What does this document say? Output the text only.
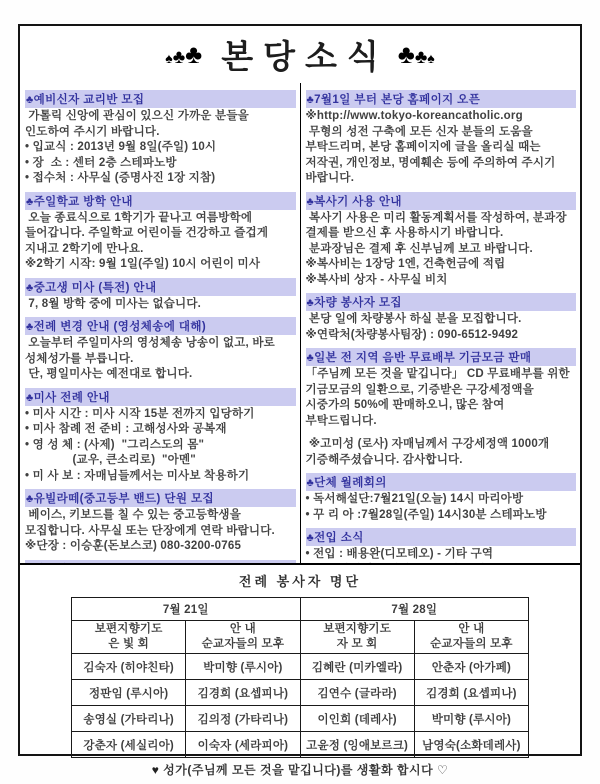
♠♣♣ 본당소식 ♣♣♠
♣예비신자 교리반 모집
가톨릭 신앙에 관심이 있으신 가까운 분들을 인도하여 주시기 바랍니다.
• 입교식 : 2013년 9월 8일(주일) 10시
• 장  소 : 센터 2층 스테파노방
• 접수처 : 사무실 (증명사진 1장 지참)
♣주일학교 방학 안내
오늘 종료식으로 1학기가 끝나고 여름방학에 들어갑니다. 주일학교 어린이들 건강하고 즐겁게 지내고 2학기에 만나요.
※2학기 시작: 9월 1일(주일) 10시 어린이 미사
♣중고생 미사 (특전) 안내
7, 8월 방학 중에 미사는 없습니다.
♣전례 변경 안내 (영성체송에 대해)
오늘부터 주일미사의 영성체송 낭송이 없고, 바로 성체성가를 부릅니다.
단, 평일미사는 예전대로 합니다.
♣미사 전례 안내
• 미사 시간 : 미사 시작 15분 전까지 입당하기
• 미사 참례 전 준비 : 고해성사와 공복재
• 영 성 체 : (사제)  "그리스도의 몸"
(교우, 큰소리로)  "아멘"
• 미 사 보 : 자매님들께서는 미사보 착용하기
♣유빌라떼(중고등부 밴드) 단원 모집
베이스, 키보드를 칠 수 있는 중고등학생을 모집합니다. 사무실 또는 단장에게 연락 바랍니다.
※단장 : 이승훈(돈보스코) 080-3200-0765
♣7월1일 부터 본당 홈페이지 오픈
※http://www.tokyo-koreancatholic.org
무형의 성전 구축에 모든 신자 분들의 도움을 부탁드리며, 본당 홈페이지에 글을 올리실 때는 저작권, 개인정보, 명예훼손 등에 주의하여 주시기 바랍니다.
♣복사기 사용 안내
복사기 사용은 미리 활동계획서를 작성하여, 분과장 결제를 받으신 후 사용하시기 바랍니다.
분과장님은 결제 후 신부님께 보고 바랍니다.
※복사비는 1장당 1엔, 건축헌금에 적립
※복사비 상자 - 사무실 비치
♣차량 봉사자 모집
본당 일에 차량봉사 하실 분을 모집합니다.
※연락처(차량봉사팀장) : 090-6512-9492
♣일본 전 지역 음반 무료배부 기금모금 판매
「주님께 모든 것을 맡깁니다」 CD 무료배부를 위한 기금모금의 일환으로, 기증받은 구강세정액을 시중가의 50%에 판매하오니, 많은 참여 부탁드립니다.
※고미성 (로사) 자매님께서 구강세정액 1000개 기증해주셨습니다. 감사합니다.
♣단체 월례회의
• 독서해설단:7월21일(오늘) 14시 마리아방
• 꾸 리 아 :7월28일(주일) 14시30분 스테파노방
♣전입 소식
• 전입 : 배용완(디모테오) - 기타 구역
전례 봉사자 명단
7월 21일		7월 28일	

보편지향기도
은 빛 회

안 내
순교자들의 모후

보편지향기도
자 모 회

안 내
순교자들의 모후

김숙자 (히야친타)	박미향 (루시아)	김혜란 (미카엘라)	안춘자 (아가페)
정판임 (루시아)	김경희 (요셉피나)	김연수 (글라라)	김경희 (요셉피나)
송영실 (가타리나)	김의정 (가타리나)	이인희 (데레사)	박미향 (루시아)
강춘자 (세실리아)	이숙자 (세라피아)	고윤정 (잉애보르크)	남영숙(소화데레사)
♥ 성가(주님께 모든 것을 맡깁니다)를 생활화 합시다 ♡
